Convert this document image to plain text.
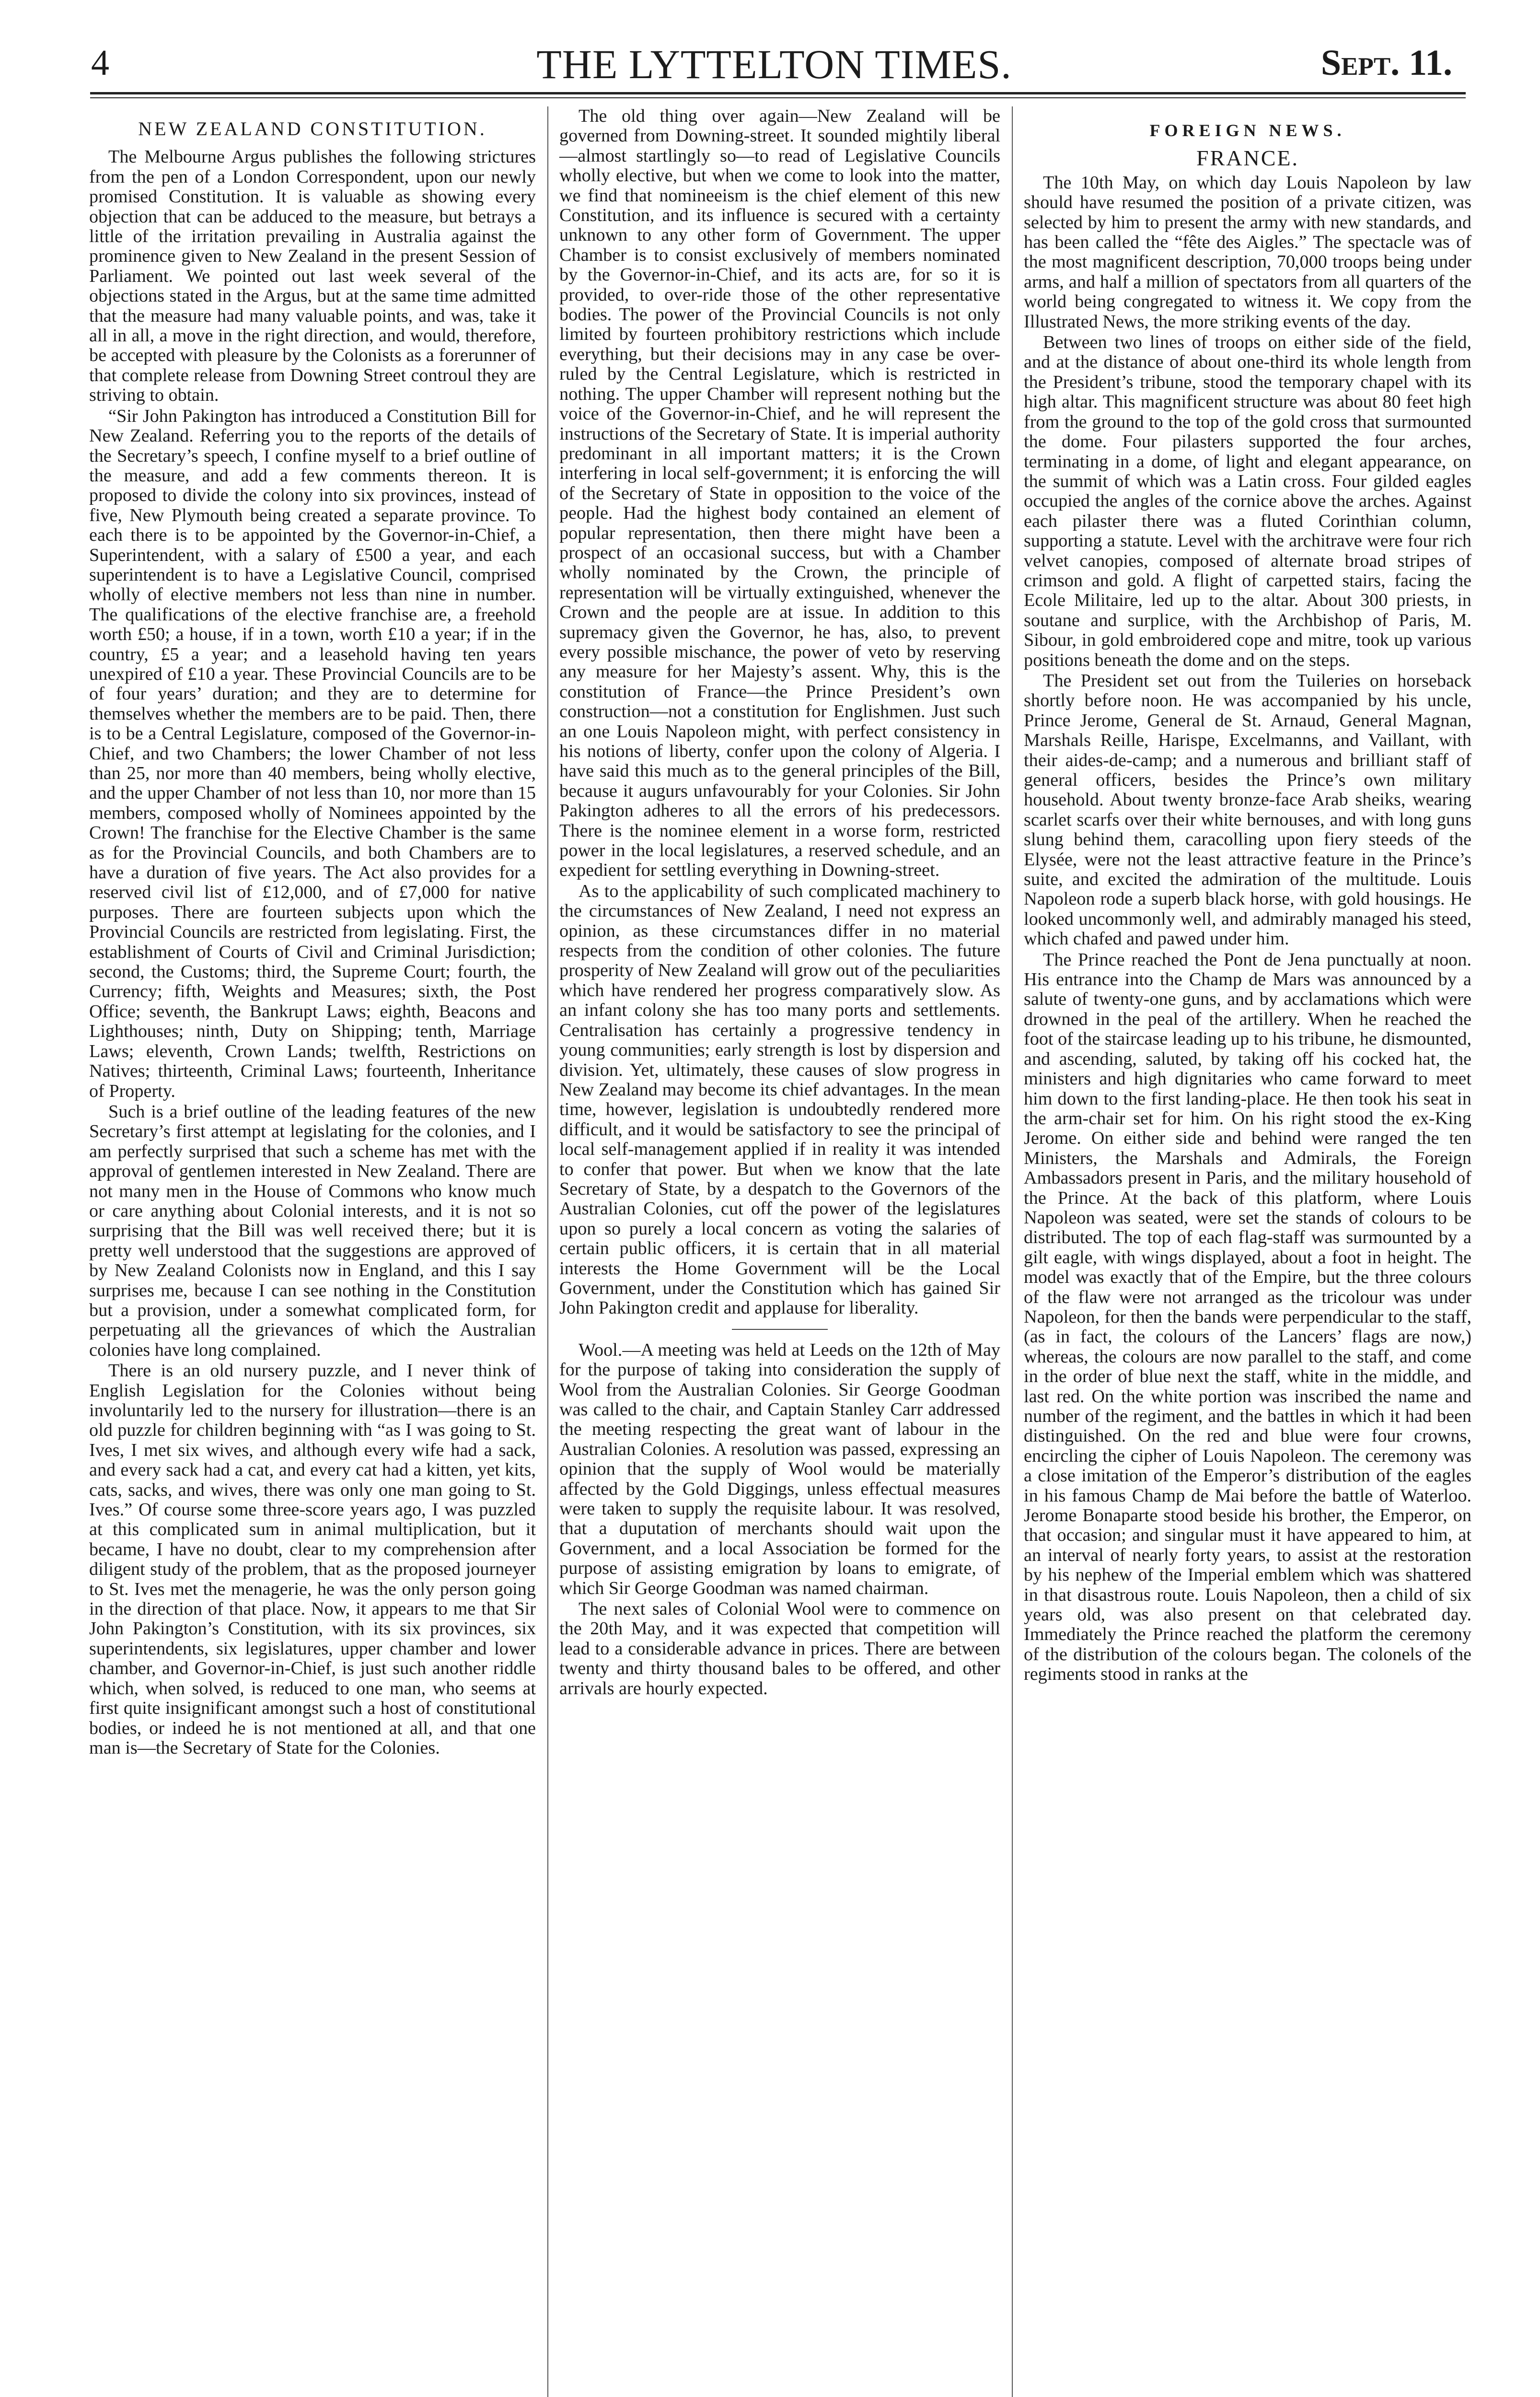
4	THE LYTTELTON TIMES.	Sept. 11.
NEW ZEALAND CONSTITUTION.

The Melbourne Argus publishes the following strictures from the pen of a London Correspondent, upon our newly promised Constitution. It is valuable as showing every objection that can be adduced to the measure, but betrays a little of the irritation prevailing in Australia against the prominence given to New Zealand in the present Session of Parliament. We pointed out last week several of the objections stated in the Argus, but at the same time admitted that the measure had many valuable points, and was, take it all in all, a move in the right direction, and would, therefore, be accepted with pleasure by the Colonists as a forerunner of that complete release from Downing Street controul they are striving to obtain.

“Sir John Pakington has introduced a Constitution Bill for New Zealand. Referring you to the reports of the details of the Secretary’s speech, I confine myself to a brief outline of the measure, and add a few comments thereon. It is proposed to divide the colony into six provinces, instead of five, New Plymouth being created a separate province. To each there is to be appointed by the Governor-in-Chief, a Superintendent, with a salary of £500 a year, and each superintendent is to have a Legislative Council, comprised wholly of elective members not less than nine in number. The qualifications of the elective franchise are, a freehold worth £50; a house, if in a town, worth £10 a year; if in the country, £5 a year; and a leasehold having ten years unexpired of £10 a year. These Provincial Councils are to be of four years’ duration; and they are to determine for themselves whether the members are to be paid. Then, there is to be a Central Legislature, composed of the Governor-in-Chief, and two Chambers; the lower Chamber of not less than 25, nor more than 40 members, being wholly elective, and the upper Chamber of not less than 10, nor more than 15 members, composed wholly of Nominees appointed by the Crown! The franchise for the Elective Chamber is the same as for the Provincial Councils, and both Chambers are to have a duration of five years. The Act also provides for a reserved civil list of £12,000, and of £7,000 for native purposes. There are fourteen subjects upon which the Provincial Councils are restricted from legislating. First, the establishment of Courts of Civil and Criminal Jurisdiction; second, the Customs; third, the Supreme Court; fourth, the Currency; fifth, Weights and Measures; sixth, the Post Office; seventh, the Bankrupt Laws; eighth, Beacons and Lighthouses; ninth, Duty on Shipping; tenth, Marriage Laws; eleventh, Crown Lands; twelfth, Restrictions on Natives; thirteenth, Criminal Laws; fourteenth, Inheritance of Property.

Such is a brief outline of the leading features of the new Secretary’s first attempt at legislating for the colonies, and I am perfectly surprised that such a scheme has met with the approval of gentlemen interested in New Zealand. There are not many men in the House of Commons who know much or care anything about Colonial interests, and it is not so surprising that the Bill was well received there; but it is pretty well understood that the suggestions are approved of by New Zealand Colonists now in England, and this I say surprises me, because I can see nothing in the Constitution but a provision, under a somewhat complicated form, for perpetuating all the grievances of which the Australian colonies have long complained.

There is an old nursery puzzle, and I never think of English Legislation for the Colonies without being involuntarily led to the nursery for illustration—there is an old puzzle for children beginning with “as I was going to St. Ives, I met six wives, and although every wife had a sack, and every sack had a cat, and every cat had a kitten, yet kits, cats, sacks, and wives, there was only one man going to St. Ives.” Of course some three-score years ago, I was puzzled at this complicated sum in animal multiplication, but it became, I have no doubt, clear to my comprehension after diligent study of the problem, that as the proposed journeyer to St. Ives met the menagerie, he was the only person going in the direction of that place. Now, it appears to me that Sir John Pakington’s Constitution, with its six provinces, six superintendents, six legislatures, upper chamber and lower chamber, and Governor-in-Chief, is just such another riddle which, when solved, is reduced to one man, who seems at first quite insignificant amongst such a host of constitutional bodies, or indeed he is not mentioned at all, and that one man is—the Secretary of State for the Colonies.

The old thing over again—New Zealand will be governed from Downing-street. It sounded mightily liberal—almost startlingly so—to read of Legislative Councils wholly elective, but when we come to look into the matter, we find that nomineeism is the chief element of this new Constitution, and its influence is secured with a certainty unknown to any other form of Government. The upper Chamber is to consist exclusively of members nominated by the Governor-in-Chief, and its acts are, for so it is provided, to over-ride those of the other representative bodies. The power of the Provincial Councils is not only limited by fourteen prohibitory restrictions which include everything, but their decisions may in any case be over-ruled by the Central Legislature, which is restricted in nothing. The upper Chamber will represent nothing but the voice of the Governor-in-Chief, and he will represent the instructions of the Secretary of State. It is imperial authority predominant in all important matters; it is the Crown interfering in local self-government; it is enforcing the will of the Secretary of State in opposition to the voice of the people. Had the highest body contained an element of popular representation, then there might have been a prospect of an occasional success, but with a Chamber wholly nominated by the Crown, the principle of representation will be virtually extinguished, whenever the Crown and the people are at issue. In addition to this supremacy given the Governor, he has, also, to prevent every possible mischance, the power of veto by reserving any measure for her Majesty’s assent. Why, this is the constitution of France—the Prince President’s own construction—not a constitution for Englishmen. Just such an one Louis Napoleon might, with perfect consistency in his notions of liberty, confer upon the colony of Algeria. I have said this much as to the general principles of the Bill, because it augurs unfavourably for your Colonies. Sir John Pakington adheres to all the errors of his predecessors. There is the nominee element in a worse form, restricted power in the local legislatures, a reserved schedule, and an expedient for settling everything in Downing-street.

As to the applicability of such complicated machinery to the circumstances of New Zealand, I need not express an opinion, as these circumstances differ in no material respects from the condition of other colonies. The future prosperity of New Zealand will grow out of the peculiarities which have rendered her progress comparatively slow. As an infant colony she has too many ports and settlements. Centralisation has certainly a progressive tendency in young communities; early strength is lost by dispersion and division. Yet, ultimately, these causes of slow progress in New Zealand may become its chief advantages. In the mean time, however, legislation is undoubtedly rendered more difficult, and it would be satisfactory to see the principal of local self-management applied if in reality it was intended to confer that power. But when we know that the late Secretary of State, by a despatch to the Governors of the Australian Colonies, cut off the power of the legislatures upon so purely a local concern as voting the salaries of certain public officers, it is certain that in all material interests the Home Government will be the Local Government, under the Constitution which has gained Sir John Pakington credit and applause for liberality.

Wool.—A meeting was held at Leeds on the 12th of May for the purpose of taking into consideration the supply of Wool from the Australian Colonies. Sir George Goodman was called to the chair, and Captain Stanley Carr addressed the meeting respecting the great want of labour in the Australian Colonies. A resolution was passed, expressing an opinion that the supply of Wool would be materially affected by the Gold Diggings, unless effectual measures were taken to supply the requisite labour. It was resolved, that a duputation of merchants should wait upon the Government, and a local Association be formed for the purpose of assisting emigration by loans to emigrate, of which Sir George Goodman was named chairman.

The next sales of Colonial Wool were to commence on the 20th May, and it was expected that competition will lead to a considerable advance in prices. There are between twenty and thirty thousand bales to be offered, and other arrivals are hourly expected.

FOREIGN NEWS.
FRANCE.

The 10th May, on which day Louis Napoleon by law should have resumed the position of a private citizen, was selected by him to present the army with new standards, and has been called the “fête des Aigles.” The spectacle was of the most magnificent description, 70,000 troops being under arms, and half a million of spectators from all quarters of the world being congregated to witness it. We copy from the Illustrated News, the more striking events of the day.

Between two lines of troops on either side of the field, and at the distance of about one-third its whole length from the President’s tribune, stood the temporary chapel with its high altar. This magnificent structure was about 80 feet high from the ground to the top of the gold cross that surmounted the dome. Four pilasters supported the four arches, terminating in a dome, of light and elegant appearance, on the summit of which was a Latin cross. Four gilded eagles occupied the angles of the cornice above the arches. Against each pilaster there was a fluted Corinthian column, supporting a statute. Level with the architrave were four rich velvet canopies, composed of alternate broad stripes of crimson and gold. A flight of carpetted stairs, facing the Ecole Militaire, led up to the altar. About 300 priests, in soutane and surplice, with the Archbishop of Paris, M. Sibour, in gold embroidered cope and mitre, took up various positions beneath the dome and on the steps.

The President set out from the Tuileries on horseback shortly before noon. He was accompanied by his uncle, Prince Jerome, General de St. Arnaud, General Magnan, Marshals Reille, Harispe, Excelmanns, and Vaillant, with their aides-de-camp; and a numerous and brilliant staff of general officers, besides the Prince’s own military household. About twenty bronze-face Arab sheiks, wearing scarlet scarfs over their white bernouses, and with long guns slung behind them, caracolling upon fiery steeds of the Elysée, were not the least attractive feature in the Prince’s suite, and excited the admiration of the multitude. Louis Napoleon rode a superb black horse, with gold housings. He looked uncommonly well, and admirably managed his steed, which chafed and pawed under him.

The Prince reached the Pont de Jena punctually at noon. His entrance into the Champ de Mars was announced by a salute of twenty-one guns, and by acclamations which were drowned in the peal of the artillery. When he reached the foot of the staircase leading up to his tribune, he dismounted, and ascending, saluted, by taking off his cocked hat, the ministers and high dignitaries who came forward to meet him down to the first landing-place. He then took his seat in the arm-chair set for him. On his right stood the ex-King Jerome. On either side and behind were ranged the ten Ministers, the Marshals and Admirals, the Foreign Ambassadors present in Paris, and the military household of the Prince. At the back of this platform, where Louis Napoleon was seated, were set the stands of colours to be distributed. The top of each flag-staff was surmounted by a gilt eagle, with wings displayed, about a foot in height. The model was exactly that of the Empire, but the three colours of the flaw were not arranged as the tricolour was under Napoleon, for then the bands were perpendicular to the staff, (as in fact, the colours of the Lancers’ flags are now,) whereas, the colours are now parallel to the staff, and come in the order of blue next the staff, white in the middle, and last red. On the white portion was inscribed the name and number of the regiment, and the battles in which it had been distinguished. On the red and blue were four crowns, encircling the cipher of Louis Napoleon. The ceremony was a close imitation of the Emperor’s distribution of the eagles in his famous Champ de Mai before the battle of Waterloo. Jerome Bonaparte stood beside his brother, the Emperor, on that occasion; and singular must it have appeared to him, at an interval of nearly forty years, to assist at the restoration by his nephew of the Imperial emblem which was shattered in that disastrous route. Louis Napoleon, then a child of six years old, was also present on that celebrated day. Immediately the Prince reached the platform the ceremony of the distribution of the colours began. The colonels of the regiments stood in ranks at the
